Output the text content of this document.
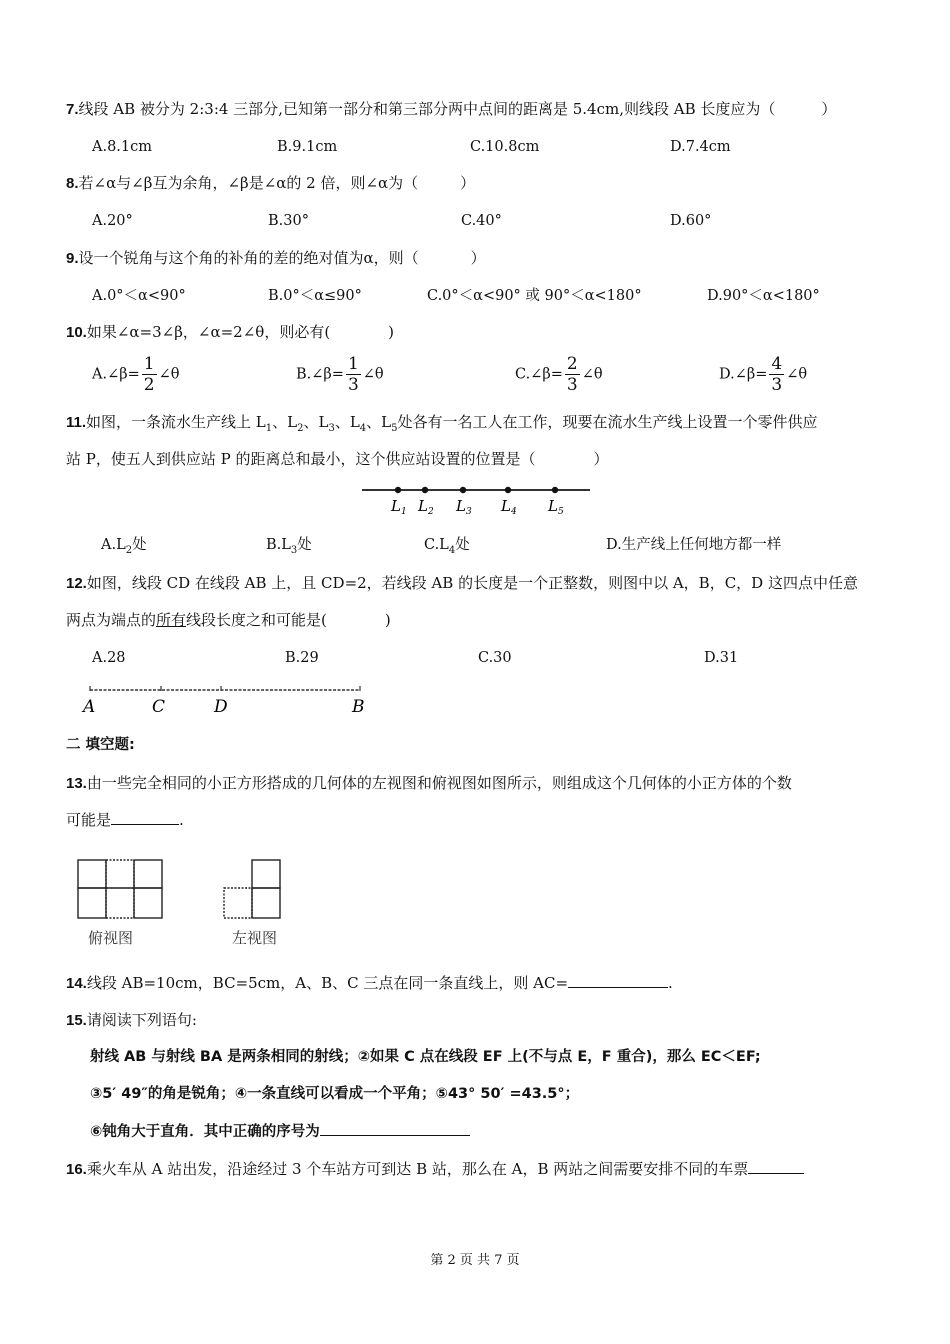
7.线段 AB 被分为 2:3:4 三部分,已知第一部分和第三部分两中点间的距离是 5.4cm,则线段 AB 长度应为（	）
A.8.1cm	B.9.1cm	C.10.8cm	D.7.4cm
8.若∠α与∠β互为余角，∠β是∠α的 2 倍，则∠α为（	）
A.20°	B.30°	C.40°	D.60°
9.设一个锐角与这个角的补角的差的绝对值为α，则（	）
A.0°＜α<90°	B.0°＜α≤90°	C.0°＜α<90° 或 90°＜α<180°	D.90°＜α<180°
10.如果∠α=3∠β，∠α=2∠θ，则必有(	)
A.∠β= $\frac{1}{2}$ ∠θ	B.∠β= $\frac{1}{3}$ ∠θ	C.∠β= $\frac{2}{3}$ ∠θ	D.∠β= $\frac{4}{3}$ ∠θ
11.如图，一条流水生产线上 $L_1$、$L_2$、$L_3$、$L_4$、$L_5$处各有一名工人在工作，现要在流水生产线上设置一个零件供应
站 P，使五人到供应站 P 的距离总和最小，这个供应站设置的位置是（	）
$L_1$ $L_2$ $L_3$ $L_4$ $L_5$
$A.L_2$处	$B.L_3$处	$C.L_4$处	D.生产线上任何地方都一样
12.如图，线段 CD 在线段 AB 上，且 CD=2，若线段 AB 的长度是一个正整数，则图中以 A，B，C，D 这四点中任意
两点为端点的所有线段长度之和可能是(	)
A.28	B.29	C.30	D.31
A	C	D	B
二 填空题:
13.由一些完全相同的小正方形搭成的几何体的左视图和俯视图如图所示，则组成这个几何体的小正方体的个数
可能是	.
俯视图	左视图
14.线段 AB=10cm，BC=5cm，A、B、C 三点在同一条直线上，则 AC=	.
15.请阅读下列语句:
射线 AB 与射线 BA 是两条相同的射线；②如果 C 点在线段 EF 上(不与点 E，F 重合)，那么 EC＜EF;
③5′ 49″的角是锐角；④一条直线可以看成一个平角；⑤43° 50′ =43.5°；
⑥钝角大于直角．其中正确的序号为
16.乘火车从 A 站出发，沿途经过 3 个车站方可到达 B 站，那么在 A，B 两站之间需要安排不同的车票
第 2 页 共 7 页
